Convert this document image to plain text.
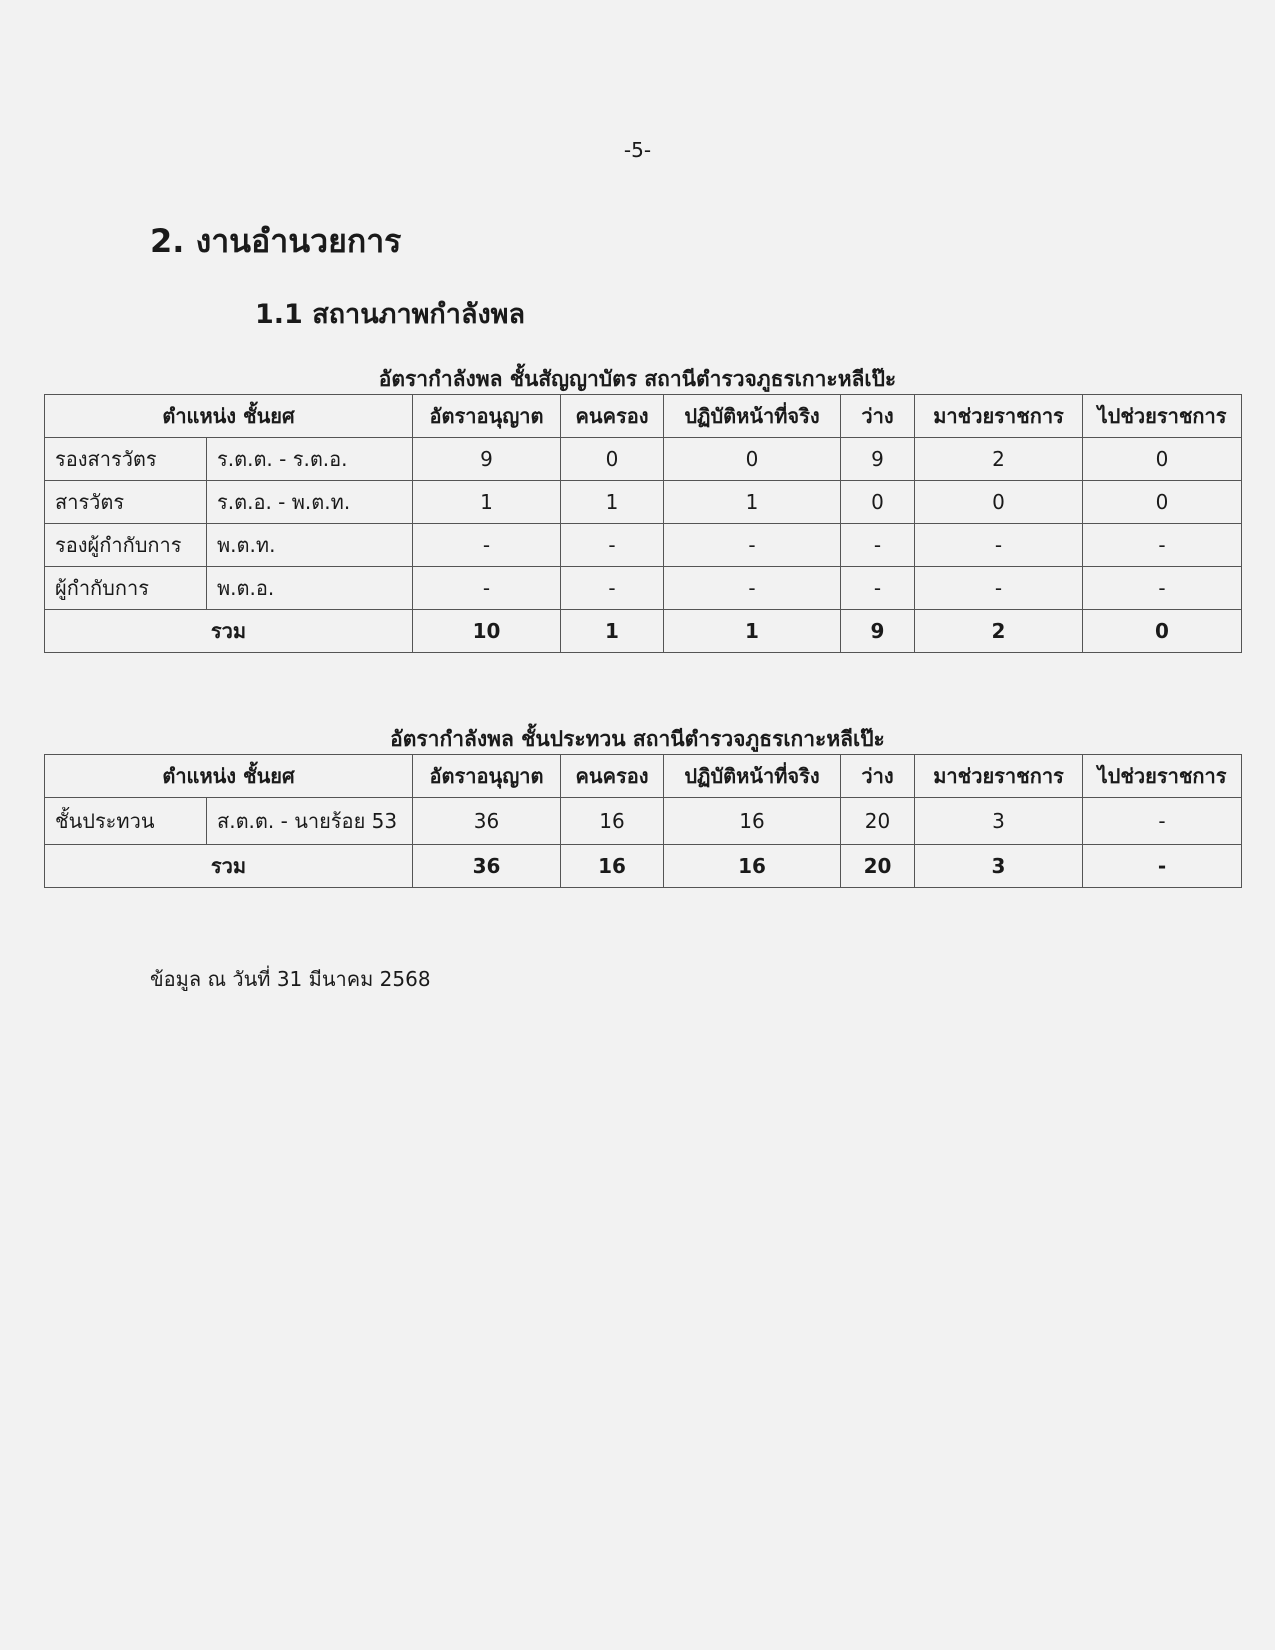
-5-
2. งานอำนวยการ
1.1 สถานภาพกำลังพล
อัตรากำลังพล ชั้นสัญญาบัตร สถานีตำรวจภูธรเกาะหลีเป๊ะ
ตำแหน่ง ชั้นยศ		อัตราอนุญาต	คนครอง	ปฏิบัติหน้าที่จริง	ว่าง	มาช่วยราชการ	ไปช่วยราชการ
รองสารวัตร	ร.ต.ต. - ร.ต.อ.	9	0	0	9	2	0
สารวัตร	ร.ต.อ. - พ.ต.ท.	1	1	1	0	0	0
รองผู้กำกับการ	พ.ต.ท.	-	-	-	-	-	-
ผู้กำกับการ	พ.ต.อ.	-	-	-	-	-	-
รวม		10	1	1	9	2	0
อัตรากำลังพล ชั้นประทวน สถานีตำรวจภูธรเกาะหลีเป๊ะ
ตำแหน่ง ชั้นยศ		อัตราอนุญาต	คนครอง	ปฏิบัติหน้าที่จริง	ว่าง	มาช่วยราชการ	ไปช่วยราชการ
ชั้นประทวน	ส.ต.ต. - นายร้อย 53	36	16	16	20	3	-
รวม		36	16	16	20	3	-
ข้อมูล ณ วันที่ 31 มีนาคม 2568
